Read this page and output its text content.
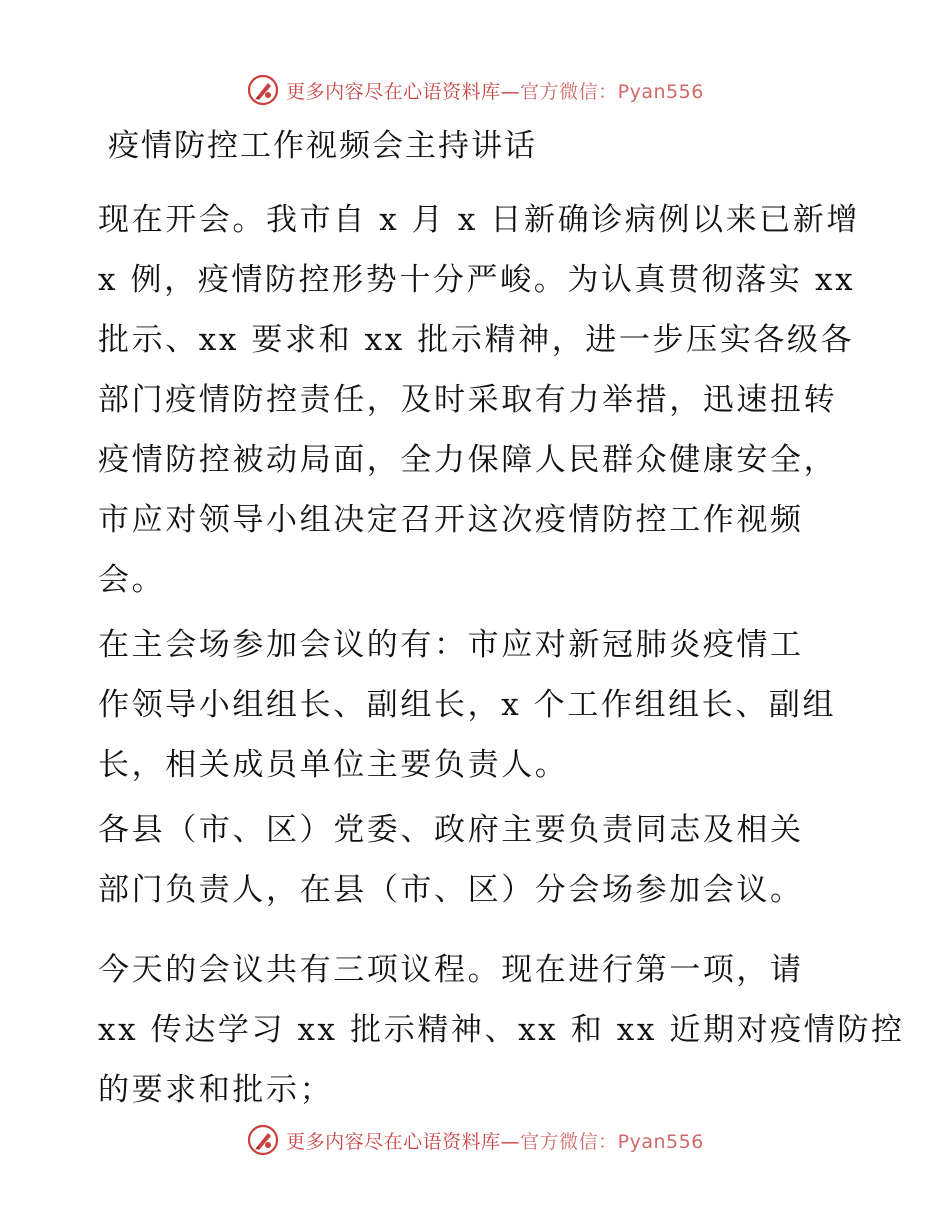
更多内容尽在心语资料库—官方微信：Pyan556
疫情防控工作视频会主持讲话

现在开会。我市自 x 月 x 日新确诊病例以来已新增
x 例，疫情防控形势十分严峻。为认真贯彻落实 xx
批示、xx 要求和 xx 批示精神，进一步压实各级各
部门疫情防控责任，及时采取有力举措，迅速扭转
疫情防控被动局面，全力保障人民群众健康安全，
市应对领导小组决定召开这次疫情防控工作视频
会。

在主会场参加会议的有：市应对新冠肺炎疫情工
作领导小组组长、副组长，x 个工作组组长、副组
长，相关成员单位主要负责人。

各县（市、区）党委、政府主要负责同志及相关
部门负责人，在县（市、区）分会场参加会议。

今天的会议共有三项议程。现在进行第一项，请
xx 传达学习 xx 批示精神、xx 和 xx 近期对疫情防控
的要求和批示；

更多内容尽在心语资料库—官方微信：Pyan556
